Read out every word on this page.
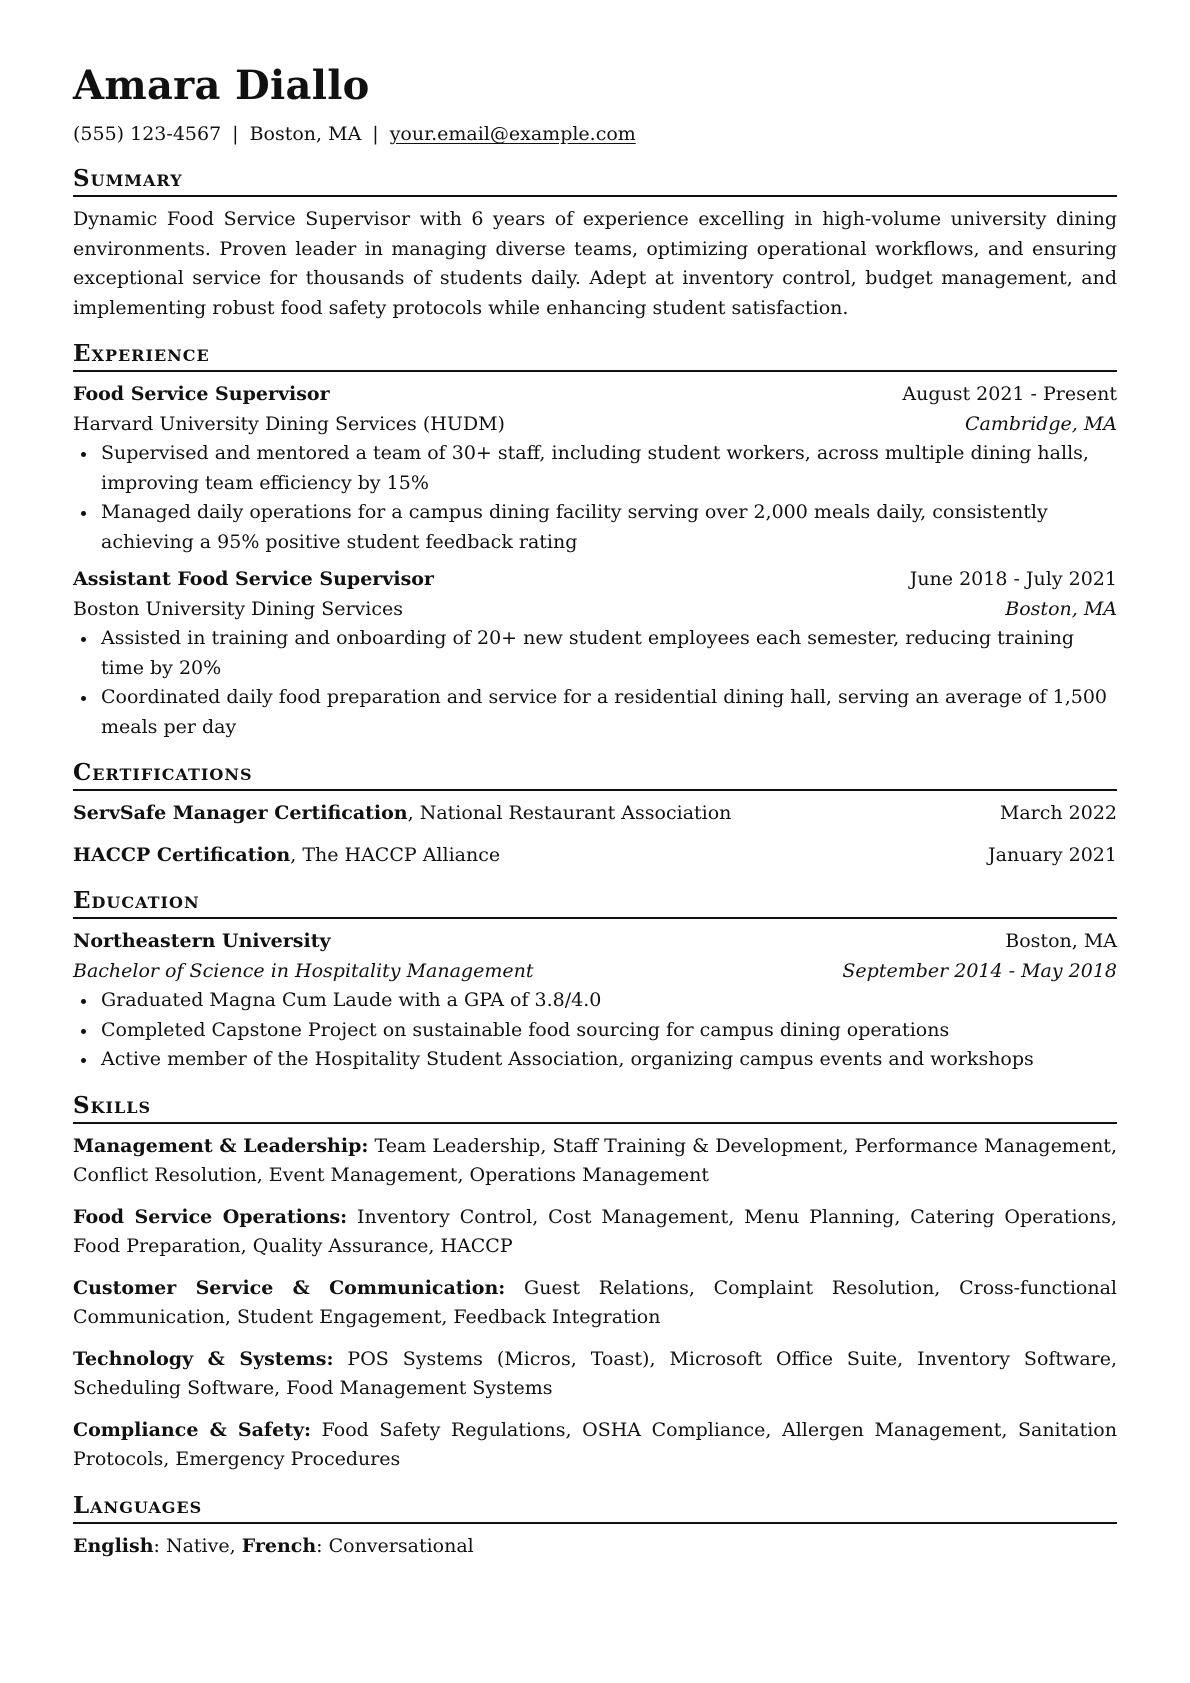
Amara Diallo
(555) 123-4567 | Boston, MA | your.email@example.com
Summary

Dynamic Food Service Supervisor with 6 years of experience excelling in high-volume university dining environments. Proven leader in managing diverse teams, optimizing operational workflows, and ensuring exceptional service for thousands of students daily. Adept at inventory control, budget management, and implementing robust food safety protocols while enhancing student satisfaction.

Experience
Food Service Supervisor	August 2021 - Present
Harvard University Dining Services (HUDM)	Cambridge, MA
Supervised and mentored a team of 30+ staff, including student workers, across multiple dining halls, improving team efficiency by 15%
Managed daily operations for a campus dining facility serving over 2,000 meals daily, consistently achieving a 95% positive student feedback rating
Assistant Food Service Supervisor	June 2018 - July 2021
Boston University Dining Services	Boston, MA
Assisted in training and onboarding of 20+ new student employees each semester, reducing training time by 20%
Coordinated daily food preparation and service for a residential dining hall, serving an average of 1,500 meals per day
Certifications
ServSafe Manager Certification, National Restaurant Association	March 2022
HACCP Certification, The HACCP Alliance	January 2021
Education
Northeastern University	Boston, MA
Bachelor of Science in Hospitality Management	September 2014 - May 2018
Graduated Magna Cum Laude with a GPA of 3.8/4.0
Completed Capstone Project on sustainable food sourcing for campus dining operations
Active member of the Hospitality Student Association, organizing campus events and workshops
Skills

Management & Leadership: Team Leadership, Staff Training & Development, Performance Management, Conflict Resolution, Event Management, Operations Management

Food Service Operations: Inventory Control, Cost Management, Menu Planning, Catering Operations, Food Preparation, Quality Assurance, HACCP

Customer Service & Communication: Guest Relations, Complaint Resolution, Cross-functional Communication, Student Engagement, Feedback Integration

Technology & Systems: POS Systems (Micros, Toast), Microsoft Office Suite, Inventory Software, Scheduling Software, Food Management Systems

Compliance & Safety: Food Safety Regulations, OSHA Compliance, Allergen Management, Sanitation Protocols, Emergency Procedures

Languages
English: Native, French: Conversational
